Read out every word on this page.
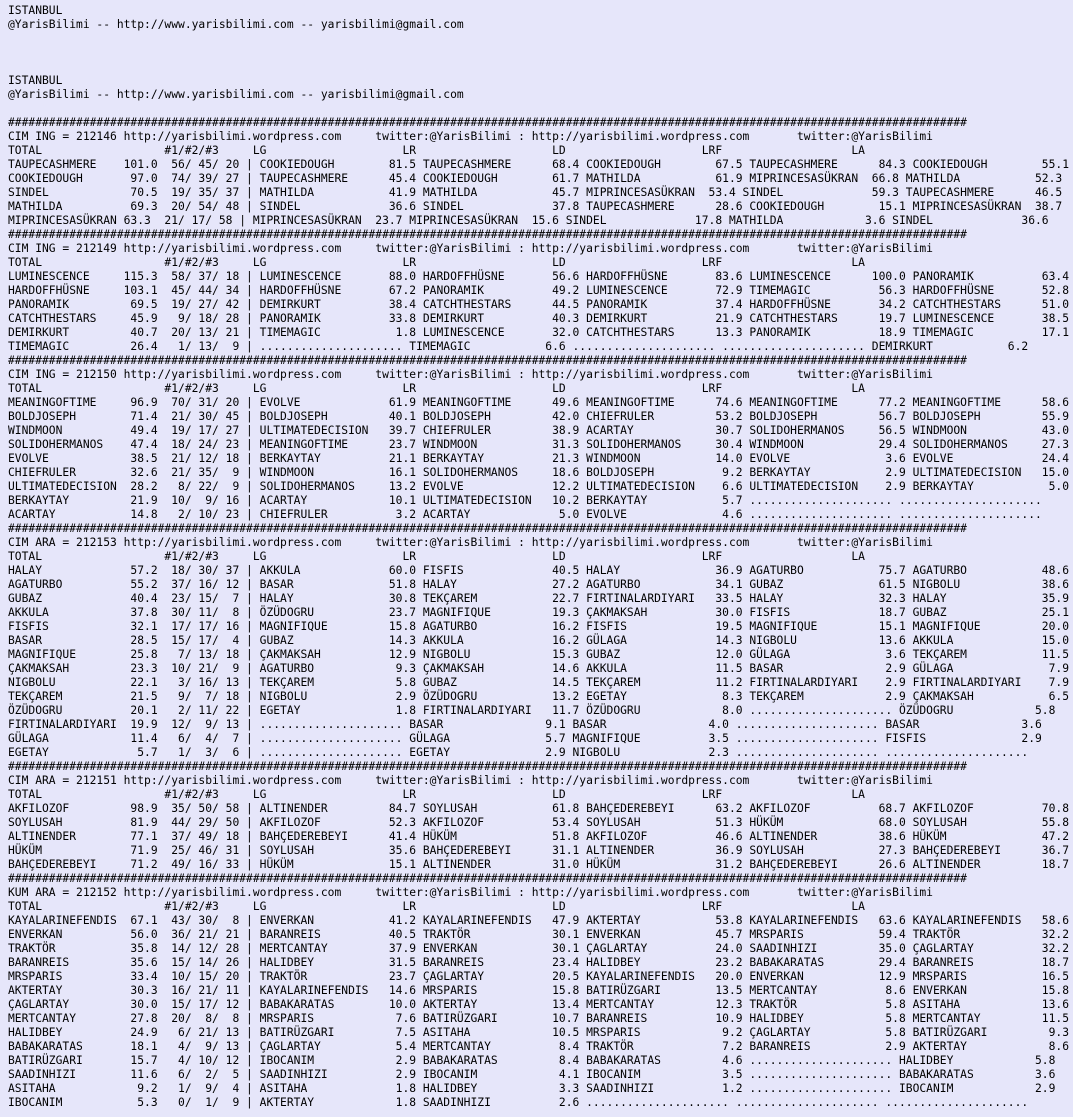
ISTANBUL
@YarisBilimi -- http://www.yarisbilimi.com -- yarisbilimi@gmail.com

ISTANBUL
@YarisBilimi -- http://www.yarisbilimi.com -- yarisbilimi@gmail.com

#############################################################################################################################################
CIM ING = 212146 http://yarisbilimi.wordpress.com     twitter:@YarisBilimi : http://yarisbilimi.wordpress.com       twitter:@YarisBilimi
TOTAL                  #1/#2/#3     LG                    LR                    LD                    LRF                   LA
TAUPECASHMERE    101.0  56/ 45/ 20 | COOKIEDOUGH        81.5 TAUPECASHMERE      68.4 COOKIEDOUGH        67.5 TAUPECASHMERE      84.3 COOKIEDOUGH        55.1
COOKIEDOUGH       97.0  74/ 39/ 27 | TAUPECASHMERE      45.4 COOKIEDOUGH        61.7 MATHILDA           61.9 MIPRINCESASÜKRAN  66.8 MATHILDA           52.3
SINDEL            70.5  19/ 35/ 37 | MATHILDA           41.9 MATHILDA           45.7 MIPRINCESASÜKRAN  53.4 SINDEL             59.3 TAUPECASHMERE      46.5
MATHILDA          69.3  20/ 54/ 48 | SINDEL             36.6 SINDEL             37.8 TAUPECASHMERE      28.6 COOKIEDOUGH        15.1 MIPRINCESASÜKRAN  38.7
MIPRINCESASÜKRAN 63.3  21/ 17/ 58 | MIPRINCESASÜKRAN  23.7 MIPRINCESASÜKRAN  15.6 SINDEL             17.8 MATHILDA            3.6 SINDEL             36.6
#############################################################################################################################################
CIM ING = 212149 http://yarisbilimi.wordpress.com     twitter:@YarisBilimi : http://yarisbilimi.wordpress.com       twitter:@YarisBilimi
TOTAL                  #1/#2/#3     LG                    LR                    LD                    LRF                   LA
LUMINESCENCE     115.3  58/ 37/ 18 | LUMINESCENCE       88.0 HARDOFFHÜSNE       56.6 HARDOFFHÜSNE       83.6 LUMINESCENCE      100.0 PANORAMIK          63.4
HARDOFFHÜSNE     103.1  45/ 44/ 34 | HARDOFFHÜSNE       67.2 PANORAMIK          49.2 LUMINESCENCE       72.9 TIMEMAGIC          56.3 HARDOFFHÜSNE       52.8
PANORAMIK         69.5  19/ 27/ 42 | DEMIRKURT          38.4 CATCHTHESTARS      44.5 PANORAMIK          37.4 HARDOFFHÜSNE       34.2 CATCHTHESTARS      51.0
CATCHTHESTARS     45.9   9/ 18/ 28 | PANORAMIK          33.8 DEMIRKURT          40.3 DEMIRKURT          21.9 CATCHTHESTARS      19.7 LUMINESCENCE       38.5
DEMIRKURT         40.7  20/ 13/ 21 | TIMEMAGIC           1.8 LUMINESCENCE       32.0 CATCHTHESTARS      13.3 PANORAMIK          18.9 TIMEMAGIC          17.1
TIMEMAGIC         26.4   1/ 13/  9 | ..................... TIMEMAGIC           6.6 ..................... ..................... DEMIRKURT           6.2
#############################################################################################################################################
CIM ING = 212150 http://yarisbilimi.wordpress.com     twitter:@YarisBilimi : http://yarisbilimi.wordpress.com       twitter:@YarisBilimi
TOTAL                  #1/#2/#3     LG                    LR                    LD                    LRF                   LA
MEANINGOFTIME     96.9  70/ 31/ 20 | EVOLVE             61.9 MEANINGOFTIME      49.6 MEANINGOFTIME      74.6 MEANINGOFTIME      77.2 MEANINGOFTIME      58.6
BOLDJOSEPH        71.4  21/ 30/ 45 | BOLDJOSEPH         40.1 BOLDJOSEPH         42.0 CHIEFRULER         53.2 BOLDJOSEPH         56.7 BOLDJOSEPH         55.9
WINDMOON          49.4  19/ 17/ 27 | ULTIMATEDECISION   39.7 CHIEFRULER         38.9 ACARTAY            30.7 SOLIDOHERMANOS     56.5 WINDMOON           43.0
SOLIDOHERMANOS    47.4  18/ 24/ 23 | MEANINGOFTIME      23.7 WINDMOON           31.3 SOLIDOHERMANOS     30.4 WINDMOON           29.4 SOLIDOHERMANOS     27.3
EVOLVE            38.5  21/ 12/ 18 | BERKAYTAY          21.1 BERKAYTAY          21.3 WINDMOON           14.0 EVOLVE              3.6 EVOLVE             24.4
CHIEFRULER        32.6  21/ 35/  9 | WINDMOON           16.1 SOLIDOHERMANOS     18.6 BOLDJOSEPH          9.2 BERKAYTAY           2.9 ULTIMATEDECISION   15.0
ULTIMATEDECISION  28.2   8/ 22/  9 | SOLIDOHERMANOS     13.2 EVOLVE             12.2 ULTIMATEDECISION    6.6 ULTIMATEDECISION    2.9 BERKAYTAY           5.0
BERKAYTAY         21.9  10/  9/ 16 | ACARTAY            10.1 ULTIMATEDECISION   10.2 BERKAYTAY           5.7 ..................... .....................
ACARTAY           14.8   2/ 10/ 23 | CHIEFRULER          3.2 ACARTAY             5.0 EVOLVE              4.6 ..................... .....................
#############################################################################################################################################
CIM ARA = 212153 http://yarisbilimi.wordpress.com     twitter:@YarisBilimi : http://yarisbilimi.wordpress.com       twitter:@YarisBilimi
TOTAL                  #1/#2/#3     LG                    LR                    LD                    LRF                   LA
HALAY             57.2  18/ 30/ 37 | AKKULA             60.0 FISFIS             40.5 HALAY              36.9 AGATURBO           75.7 AGATURBO           48.6
AGATURBO          55.2  37/ 16/ 12 | BASAR              51.8 HALAY              27.2 AGATURBO           34.1 GUBAZ              61.5 NIGBOLU            38.6
GUBAZ             40.4  23/ 15/  7 | HALAY              30.8 TEKÇAREM           22.7 FIRTINALARDIYARI   33.5 HALAY              32.3 HALAY              35.9
AKKULA            37.8  30/ 11/  8 | ÖZÜDOGRU           23.7 MAGNIFIQUE         19.3 ÇAKMAKSAH          30.0 FISFIS             18.7 GUBAZ              25.1
FISFIS            32.1  17/ 17/ 16 | MAGNIFIQUE         15.8 AGATURBO           16.2 FISFIS             19.5 MAGNIFIQUE         15.1 MAGNIFIQUE         20.0
BASAR             28.5  15/ 17/  4 | GUBAZ              14.3 AKKULA             16.2 GÜLAGA             14.3 NIGBOLU            13.6 AKKULA             15.0
MAGNIFIQUE        25.8   7/ 13/ 18 | ÇAKMAKSAH          12.9 NIGBOLU            15.3 GUBAZ              12.0 GÜLAGA              3.6 TEKÇAREM           11.5
ÇAKMAKSAH         23.3  10/ 21/  9 | AGATURBO            9.3 ÇAKMAKSAH          14.6 AKKULA             11.5 BASAR               2.9 GÜLAGA              7.9
NIGBOLU           22.1   3/ 16/ 13 | TEKÇAREM            5.8 GUBAZ              14.5 TEKÇAREM           11.2 FIRTINALARDIYARI    2.9 FIRTINALARDIYARI    7.9
TEKÇAREM          21.5   9/  7/ 18 | NIGBOLU             2.9 ÖZÜDOGRU           13.2 EGETAY              8.3 TEKÇAREM            2.9 ÇAKMAKSAH           6.5
ÖZÜDOGRU          20.1   2/ 11/ 22 | EGETAY              1.8 FIRTINALARDIYARI   11.7 ÖZÜDOGRU            8.0 ..................... ÖZÜDOGRU            5.8
FIRTINALARDIYARI  19.9  12/  9/ 13 | ..................... BASAR               9.1 BASAR               4.0 ..................... BASAR               3.6
GÜLAGA            11.4   6/  4/  7 | ..................... GÜLAGA              5.7 MAGNIFIQUE          3.5 ..................... FISFIS              2.9
EGETAY             5.7   1/  3/  6 | ..................... EGETAY              2.9 NIGBOLU             2.3 ..................... .....................
#############################################################################################################################################
CIM ARA = 212151 http://yarisbilimi.wordpress.com     twitter:@YarisBilimi : http://yarisbilimi.wordpress.com       twitter:@YarisBilimi
TOTAL                  #1/#2/#3     LG                    LR                    LD                    LRF                   LA
AKFILOZOF         98.9  35/ 50/ 58 | ALTINENDER         84.7 SOYLUSAH           61.8 BAHÇEDEREBEYI      63.2 AKFILOZOF          68.7 AKFILOZOF          70.8
SOYLUSAH          81.9  44/ 29/ 50 | AKFILOZOF          52.3 AKFILOZOF          53.4 SOYLUSAH           51.3 HÜKÜM              68.0 SOYLUSAH           55.8
ALTINENDER        77.1  37/ 49/ 18 | BAHÇEDEREBEYI      41.4 HÜKÜM              51.8 AKFILOZOF          46.6 ALTINENDER         38.6 HÜKÜM              47.2
HÜKÜM             71.9  25/ 46/ 31 | SOYLUSAH           35.6 BAHÇEDEREBEYI      31.1 ALTINENDER         36.9 SOYLUSAH           27.3 BAHÇEDEREBEYI      36.7
BAHÇEDEREBEYI     71.2  49/ 16/ 33 | HÜKÜM              15.1 ALTINENDER         31.0 HÜKÜM              31.2 BAHÇEDEREBEYI      26.6 ALTINENDER         18.7
#############################################################################################################################################
KUM ARA = 212152 http://yarisbilimi.wordpress.com     twitter:@YarisBilimi : http://yarisbilimi.wordpress.com       twitter:@YarisBilimi
TOTAL                  #1/#2/#3     LG                    LR                    LD                    LRF                   LA
KAYALARINEFENDIS  67.1  43/ 30/  8 | ENVERKAN           41.2 KAYALARINEFENDIS   47.9 AKTERTAY           53.8 KAYALARINEFENDIS   63.6 KAYALARINEFENDIS   58.6
ENVERKAN          56.0  36/ 21/ 21 | BARANREIS          40.5 TRAKTÖR            30.1 ENVERKAN           45.7 MRSPARIS           59.4 TRAKTÖR            32.2
TRAKTÖR           35.8  14/ 12/ 28 | MERTCANTAY         37.9 ENVERKAN           30.1 ÇAGLARTAY          24.0 SAADINHIZI         35.0 ÇAGLARTAY          32.2
BARANREIS         35.6  15/ 14/ 26 | HALIDBEY           31.5 BARANREIS          23.4 HALIDBEY           23.2 BABAKARATAS        29.4 BARANREIS          18.7
MRSPARIS          33.4  10/ 15/ 20 | TRAKTÖR            23.7 ÇAGLARTAY          20.5 KAYALARINEFENDIS   20.0 ENVERKAN           12.9 MRSPARIS           16.5
AKTERTAY          30.3  16/ 21/ 11 | KAYALARINEFENDIS   14.6 MRSPARIS           15.8 BATIRÜZGARI        13.5 MERTCANTAY          8.6 ENVERKAN           15.8
ÇAGLARTAY         30.0  15/ 17/ 12 | BABAKARATAS        10.0 AKTERTAY           13.4 MERTCANTAY         12.3 TRAKTÖR             5.8 ASITAHA            13.6
MERTCANTAY        27.8  20/  8/  8 | MRSPARIS            7.6 BATIRÜZGARI        10.7 BARANREIS          10.9 HALIDBEY            5.8 MERTCANTAY         11.5
HALIDBEY          24.9   6/ 21/ 13 | BATIRÜZGARI         7.5 ASITAHA            10.5 MRSPARIS            9.2 ÇAGLARTAY           5.8 BATIRÜZGARI         9.3
BABAKARATAS       18.1   4/  9/ 13 | ÇAGLARTAY           5.4 MERTCANTAY          8.4 TRAKTÖR             7.2 BARANREIS           2.9 AKTERTAY            8.6
BATIRÜZGARI       15.7   4/ 10/ 12 | IBOCANIM            2.9 BABAKARATAS         8.4 BABAKARATAS         4.6 ..................... HALIDBEY            5.8
SAADINHIZI        11.6   6/  2/  5 | SAADINHIZI          2.9 IBOCANIM            4.1 IBOCANIM            3.5 ..................... BABAKARATAS         3.6
ASITAHA            9.2   1/  9/  4 | ASITAHA             1.8 HALIDBEY            3.3 SAADINHIZI          1.2 ..................... IBOCANIM            2.9
IBOCANIM           5.3   0/  1/  9 | AKTERTAY            1.8 SAADINHIZI          2.6 ..................... ..................... .....................
